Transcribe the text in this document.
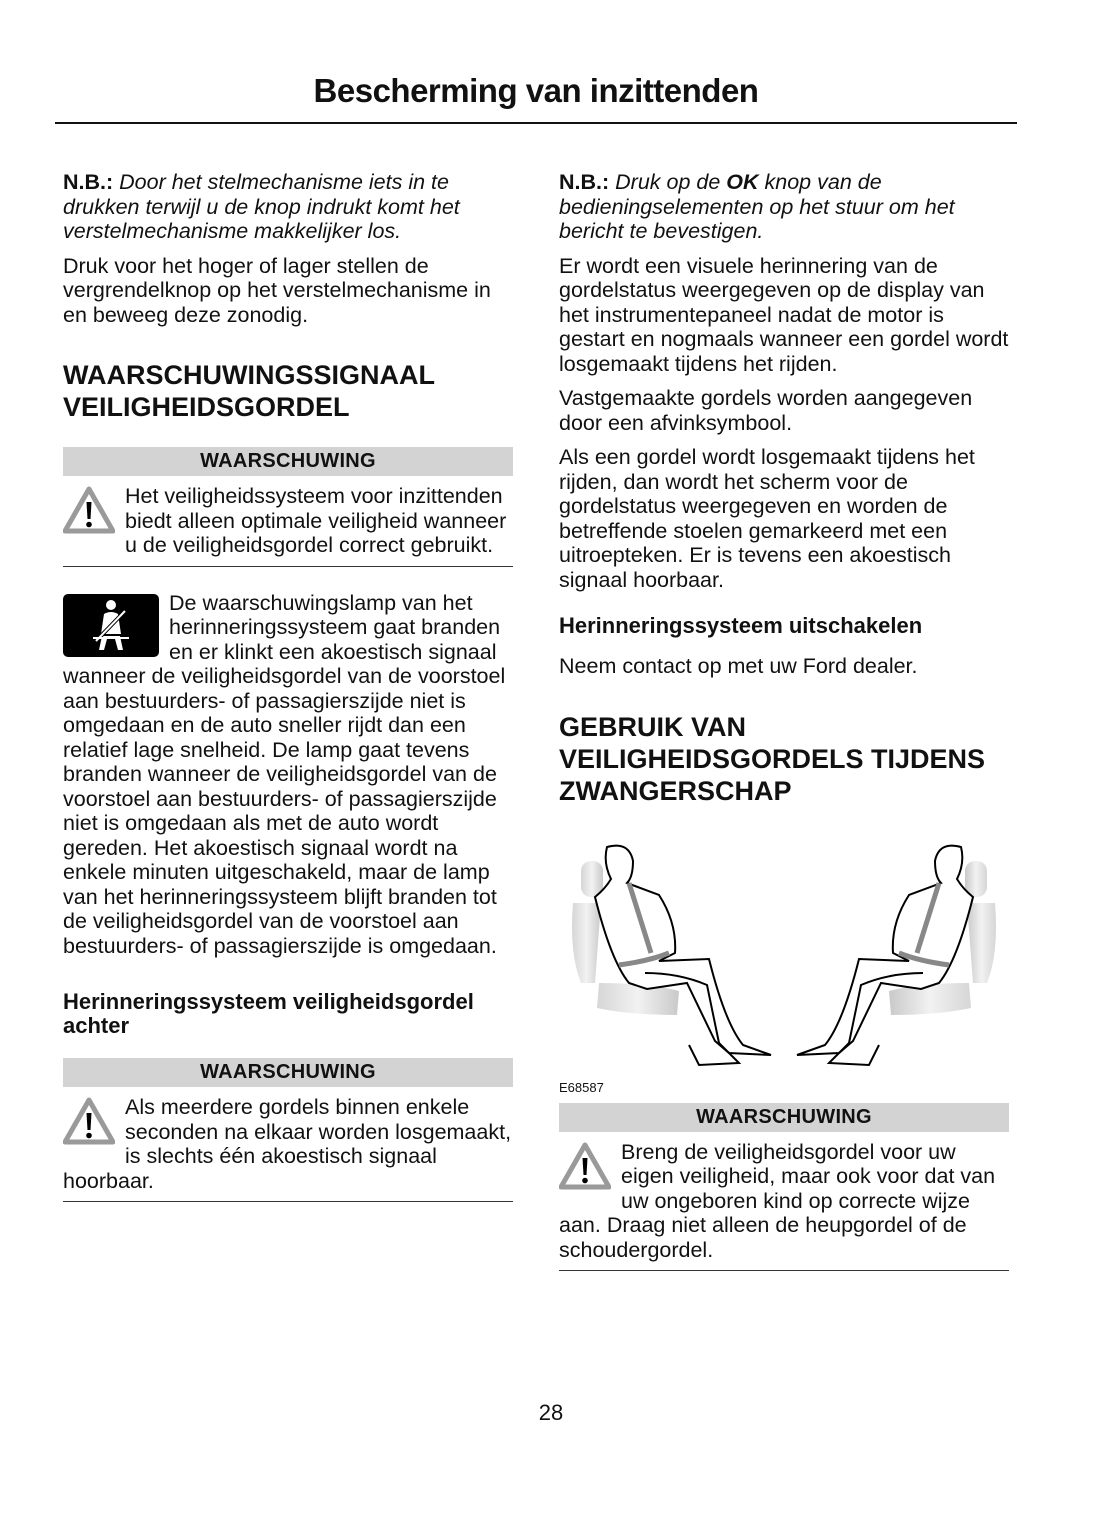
Bescherming van inzittenden

N.B.: Door het stelmechanisme iets in te drukken terwijl u de knop indrukt komt het verstelmechanisme makkelijker los.

Druk voor het hoger of lager stellen de vergrendelknop op het verstelmechanisme in en beweeg deze zonodig.

WAARSCHUWINGSSIGNAAL VEILIGHEIDSGORDEL
WAARSCHUWING

Het veiligheidssysteem voor inzittenden biedt alleen optimale veiligheid wanneer u de veiligheidsgordel correct gebruikt.

De waarschuwingslamp van het herinneringssysteem gaat branden en er klinkt een akoestisch signaal wanneer de veiligheidsgordel van de voorstoel aan bestuurders- of passagierszijde niet is omgedaan en de auto sneller rijdt dan een relatief lage snelheid. De lamp gaat tevens branden wanneer de veiligheidsgordel van de voorstoel aan bestuurders- of passagierszijde niet is omgedaan als met de auto wordt gereden. Het akoestisch signaal wordt na enkele minuten uitgeschakeld, maar de lamp van het herinneringssysteem blijft branden tot de veiligheidsgordel van de voorstoel aan bestuurders- of passagierszijde is omgedaan.

Herinneringssysteem veiligheidsgordel achter
WAARSCHUWING

Als meerdere gordels binnen enkele seconden na elkaar worden losgemaakt, is slechts één akoestisch signaal hoorbaar.

N.B.: Druk op de OK knop van de bedieningselementen op het stuur om het bericht te bevestigen.

Er wordt een visuele herinnering van de gordelstatus weergegeven op de display van het instrumentepaneel nadat de motor is gestart en nogmaals wanneer een gordel wordt losgemaakt tijdens het rijden.

Vastgemaakte gordels worden aangegeven door een afvinksymbool.

Als een gordel wordt losgemaakt tijdens het rijden, dan wordt het scherm voor de gordelstatus weergegeven en worden de betreffende stoelen gemarkeerd met een uitroepteken. Er is tevens een akoestisch signaal hoorbaar.

Herinneringssysteem uitschakelen

Neem contact op met uw Ford dealer.

GEBRUIK VAN VEILIGHEIDSGORDELS TIJDENS ZWANGERSCHAP
E68587
WAARSCHUWING

Breng de veiligheidsgordel voor uw eigen veiligheid, maar ook voor dat van uw ongeboren kind op correcte wijze aan. Draag niet alleen de heupgordel of de schoudergordel.

28
